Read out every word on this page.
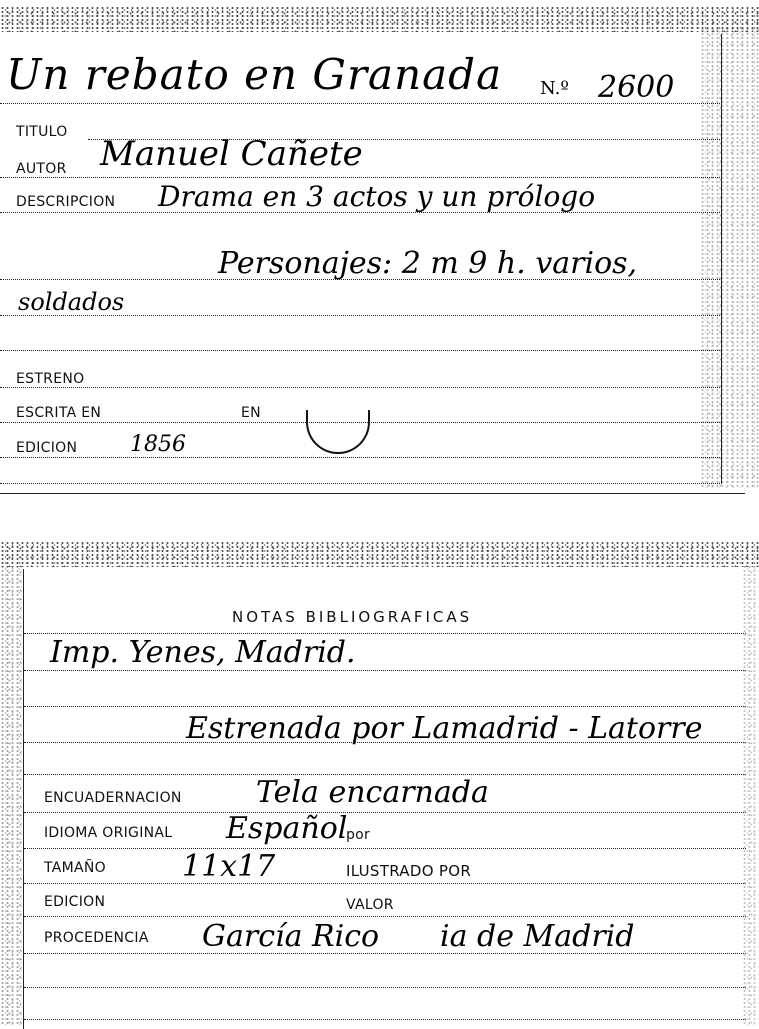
Un rebato en Granada N.º 2600
TITULO
AUTOR Manuel Cañete
DESCRIPCION Drama en 3 actos y un prólogo
Personajes: 2 m 9 h. varios,
soldados
ESTRENO
ESCRITA EN	EN
EDICION 1856
NOTAS BIBLIOGRAFICAS
Imp. Yenes, Madrid.
Estrenada por Lamadrid - Latorre
ENCUADERNACION Tela encarnada
IDIOMA ORIGINAL Español
por
TAMAÑO	11x17	ILUSTRADO POR
EDICION	VALOR
PROCEDENCIA García Rico ia de Madrid
